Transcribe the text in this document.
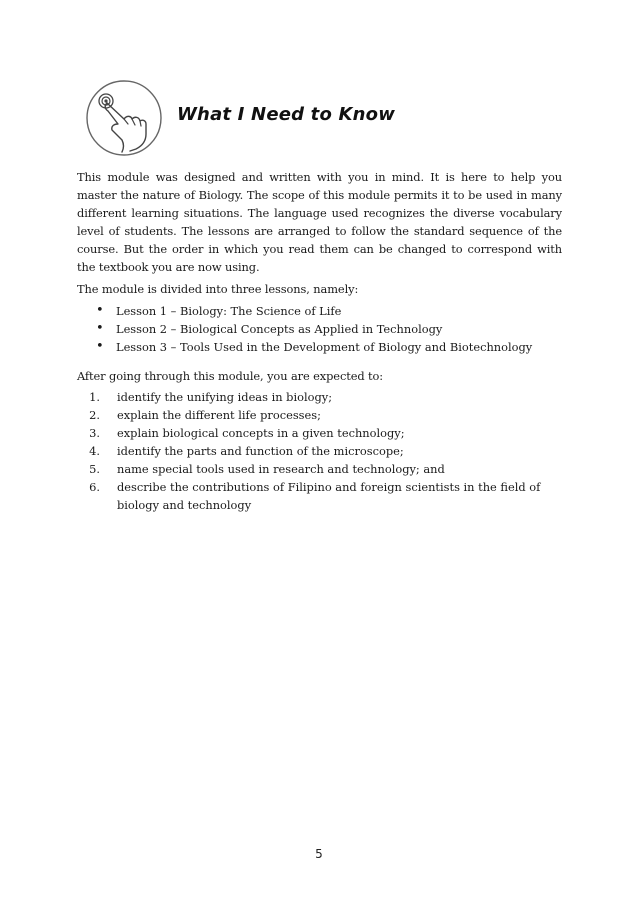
What I Need to Know
This module was designed and written with you in mind. It is here to help you master the nature of Biology. The scope of this module permits it to be used in many different learning situations. The language used recognizes the diverse vocabulary level of students. The lessons are arranged to follow the standard sequence of the course. But the order in which you read them can be changed to correspond with the textbook you are now using.
The module is divided into three lessons, namely:
• Lesson 1 – Biology: The Science of Life
• Lesson 2 – Biological Concepts as Applied in Technology
• Lesson 3 – Tools Used in the Development of Biology and Biotechnology
After going through this module, you are expected to:
1.	identify the unifying ideas in biology;
2.	explain the different life processes;
3.	explain biological concepts in a given technology;
4.	identify the parts and function of the microscope;
5.	name special tools used in research and technology; and
6.	describe the contributions of Filipino and foreign scientists in the field of biology and technology
5
